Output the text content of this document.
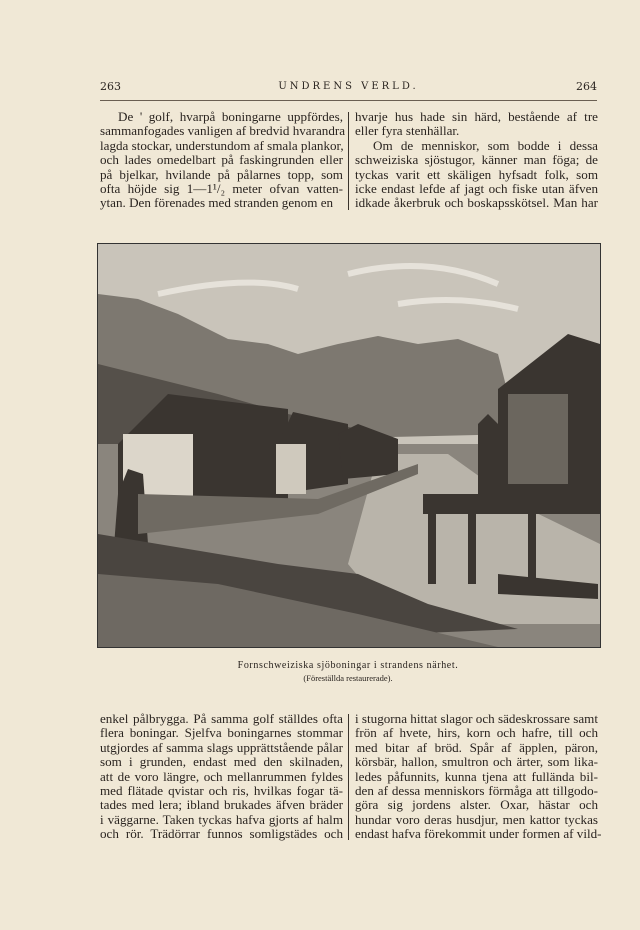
263	UNDRENS VERLD.	264
De ' golf, hvarpå boningarne uppfördes,
sammanfogades vanligen af bredvid hvarandra
lagda stockar, understundom af smala plankor,
och lades omedelbart på faskingrunden eller
på bjelkar, hvilande på pålarnes topp, som
ofta höjde sig 1—1¹/₂ meter ofvan vatten-
ytan. Den förenades med stranden genom en
hvarje hus hade sin härd, bestående af tre
eller fyra stenhällar.
Om de menniskor, som bodde i dessa
schweiziska sjöstugor, känner man föga; de
tyckas varit ett skäligen hyfsadt folk, som
icke endast lefde af jagt och fiske utan äfven
idkade åkerbruk och boskapsskötsel. Man har
Fornschweiziska sjöboningar i strandens närhet.
(Föreställda restaurerade).
enkel pålbrygga. På samma golf ställdes ofta
flera boningar. Sjelfva boningarnes stommar
utgjordes af samma slags upprättstående pålar
som i grunden, endast med den skilnaden,
att de voro längre, och mellanrummen fyldes
med flätade qvistar och ris, hvilkas fogar tä-
tades med lera; ibland brukades äfven bräder
i väggarne. Taken tyckas hafva gjorts af halm
och rör. Trädörrar funnos somligstädes och
i stugorna hittat slagor och sädeskrossare samt
frön af hvete, hirs, korn och hafre, till och
med bitar af bröd. Spår af äpplen, päron,
körsbär, hallon, smultron och ärter, som lika-
ledes påfunnits, kunna tjena att fullända bil-
den af dessa menniskors förmåga att tillgodo-
göra sig jordens alster. Oxar, hästar och
hundar voro deras husdjur, men kattor tyckas
endast hafva förekommit under formen af vild-
